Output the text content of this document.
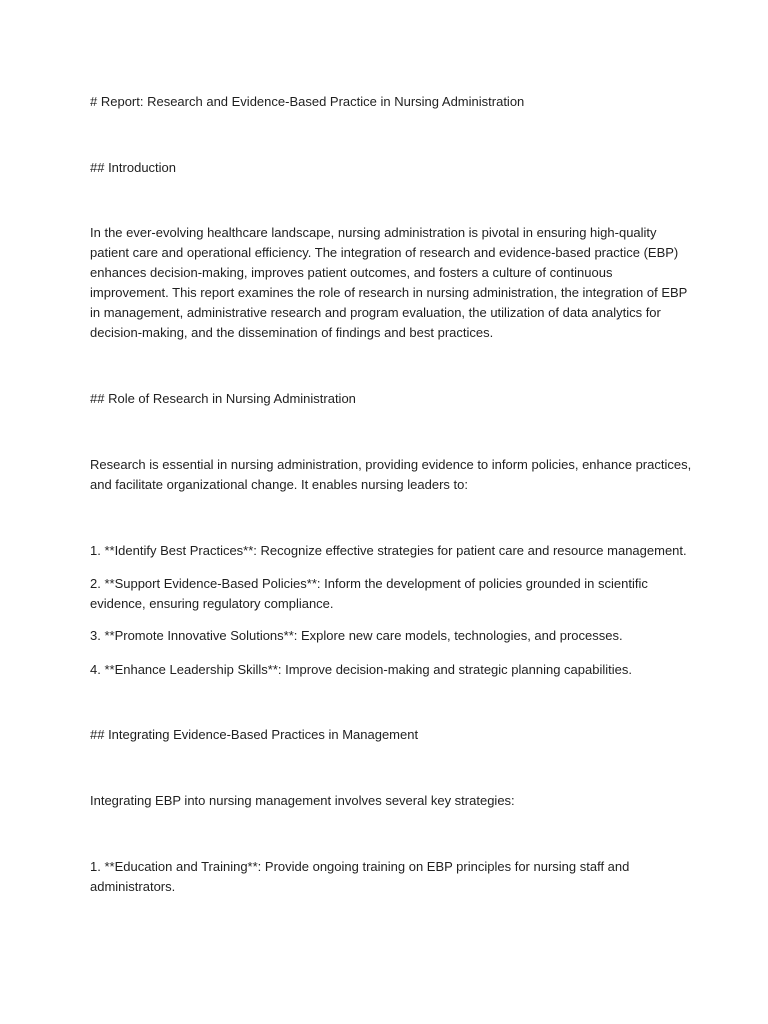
# Report: Research and Evidence-Based Practice in Nursing Administration

## Introduction

In the ever-evolving healthcare landscape, nursing administration is pivotal in ensuring high-quality patient care and operational efficiency. The integration of research and evidence-based practice (EBP) enhances decision-making, improves patient outcomes, and fosters a culture of continuous improvement. This report examines the role of research in nursing administration, the integration of EBP in management, administrative research and program evaluation, the utilization of data analytics for decision-making, and the dissemination of findings and best practices.

## Role of Research in Nursing Administration

Research is essential in nursing administration, providing evidence to inform policies, enhance practices, and facilitate organizational change. It enables nursing leaders to:

1. **Identify Best Practices**: Recognize effective strategies for patient care and resource management.

2. **Support Evidence-Based Policies**: Inform the development of policies grounded in scientific evidence, ensuring regulatory compliance.

3. **Promote Innovative Solutions**: Explore new care models, technologies, and processes.

4. **Enhance Leadership Skills**: Improve decision-making and strategic planning capabilities.

## Integrating Evidence-Based Practices in Management

Integrating EBP into nursing management involves several key strategies:

1. **Education and Training**: Provide ongoing training on EBP principles for nursing staff and administrators.
